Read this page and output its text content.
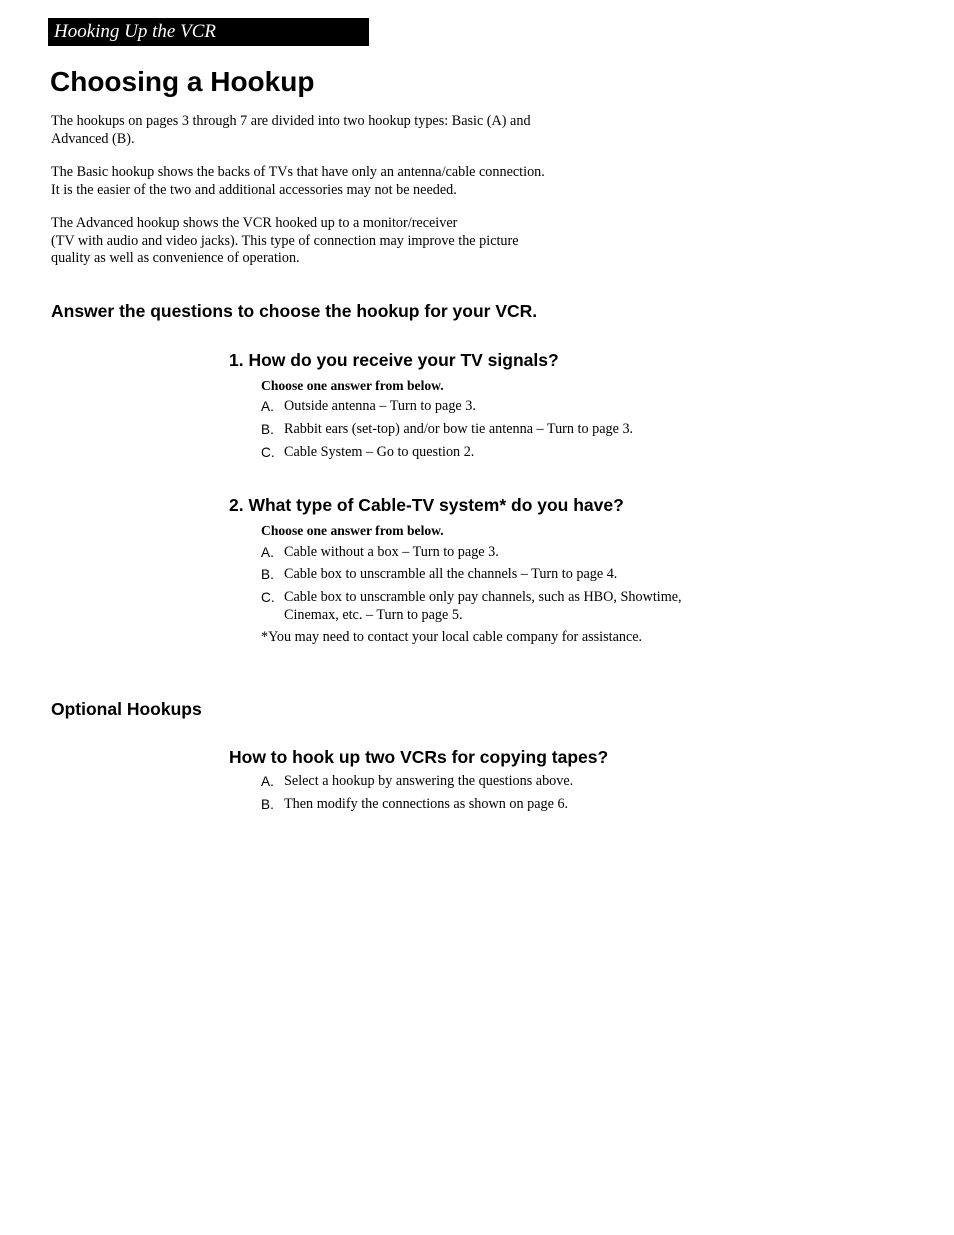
Hooking Up the VCR
Choosing a Hookup

The hookups on pages 3 through 7 are divided into two hookup types: Basic (A) and
Advanced (B).

The Basic hookup shows the backs of TVs that have only an antenna/cable connection.
It is the easier of the two and additional accessories may not be needed.

The Advanced hookup shows the VCR hooked up to a monitor/receiver
(TV with audio and video jacks). This type of connection may improve the picture
quality as well as convenience of operation.

Answer the questions to choose the hookup for your VCR.
1. How do you receive your TV signals?
Choose one answer from below.
A. Outside antenna – Turn to page 3.
B. Rabbit ears (set-top) and/or bow tie antenna – Turn to page 3.
C. Cable System – Go to question 2.
2. What type of Cable-TV system* do you have?
Choose one answer from below.
A. Cable without a box – Turn to page 3.
B. Cable box to unscramble all the channels – Turn to page 4.
C. Cable box to unscramble only pay channels, such as HBO, Showtime,
Cinemax, etc. – Turn to page 5.
*You may need to contact your local cable company for assistance.
Optional Hookups
How to hook up two VCRs for copying tapes?
A. Select a hookup by answering the questions above.
B. Then modify the connections as shown on page 6.
